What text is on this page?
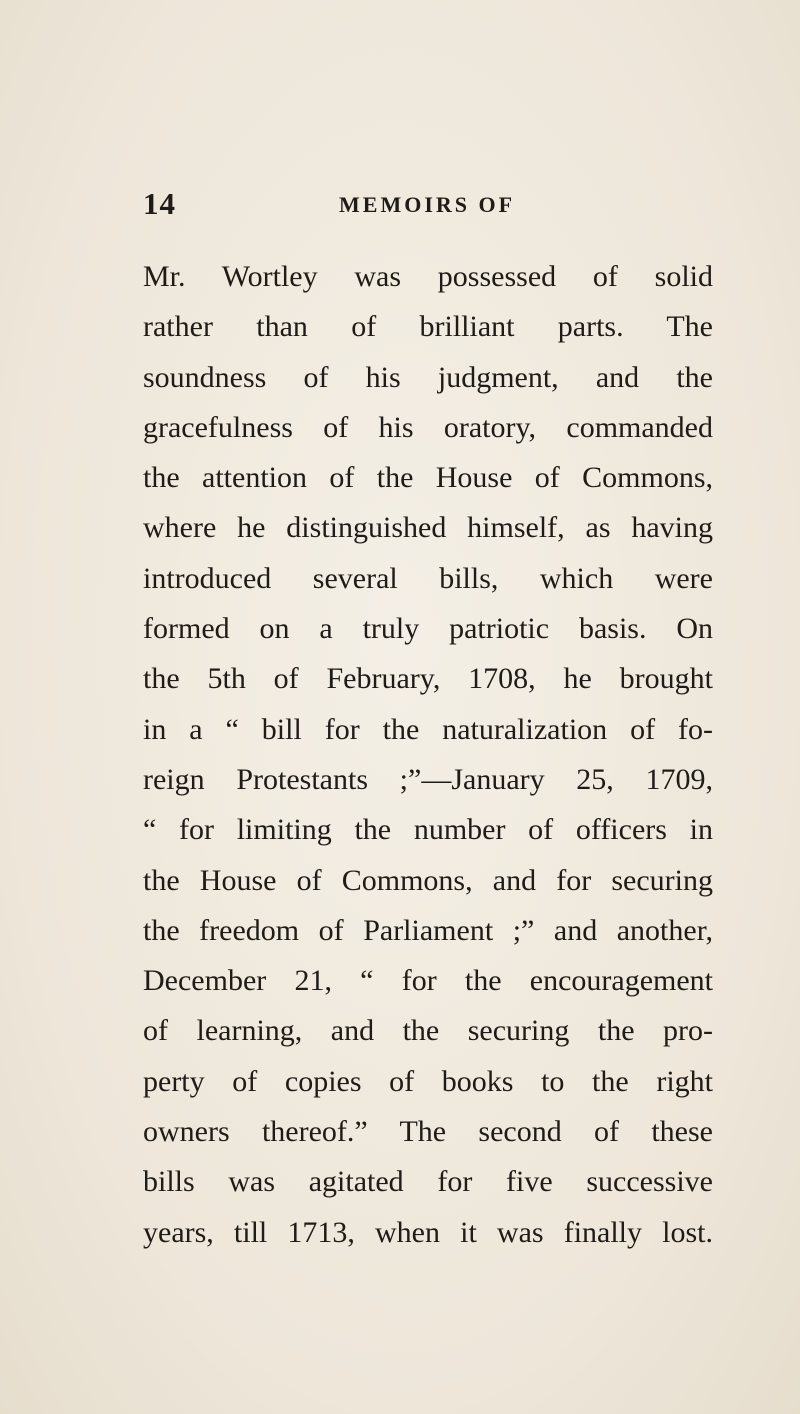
14	MEMOIRS OF
Mr. Wortley was possessed of solid
rather than of brilliant parts. The
soundness of his judgment, and the
gracefulness of his oratory, commanded
the attention of the House of Commons,
where he distinguished himself, as having
introduced several bills, which were
formed on a truly patriotic basis. On
the 5th of February, 1708, he brought
in a “ bill for the naturalization of fo-
reign Protestants ;”—January 25, 1709,
“ for limiting the number of officers in
the House of Commons, and for securing
the freedom of Parliament ;” and another,
December 21, “ for the encouragement
of learning, and the securing the pro-
perty of copies of books to the right
owners thereof.” The second of these
bills was agitated for five successive
years, till 1713, when it was finally lost.
